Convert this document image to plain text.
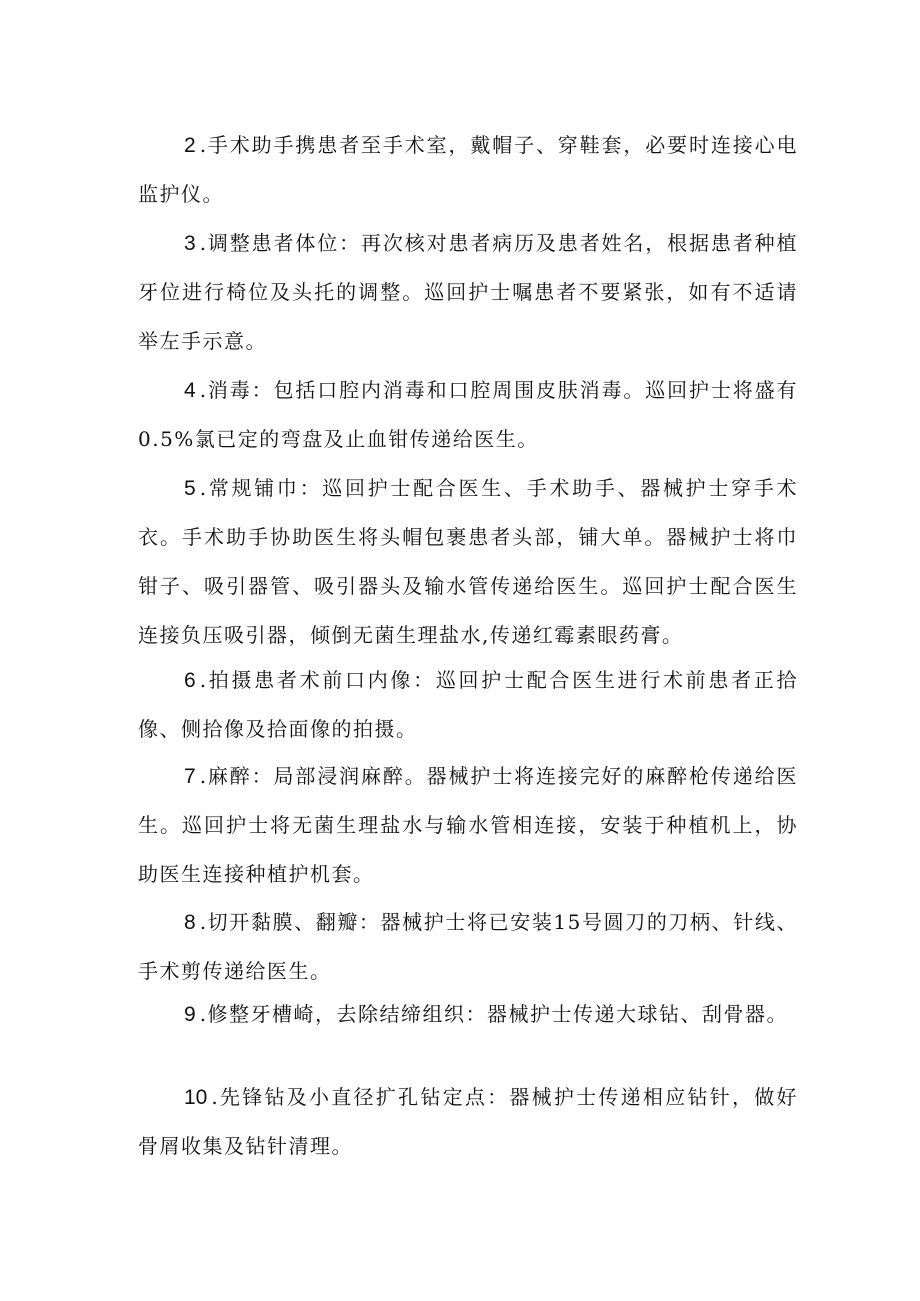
2 .手术助手携患者至手术室，戴帽子、穿鞋套，必要时连接心电监护仪。

3 .调整患者体位：再次核对患者病历及患者姓名，根据患者种植牙位进行椅位及头托的调整。巡回护士嘱患者不要紧张，如有不适请举左手示意。

4 .消毒：包括口腔内消毒和口腔周围皮肤消毒。巡回护士将盛有0.5%氯已定的弯盘及止血钳传递给医生。

5 .常规铺巾：巡回护士配合医生、手术助手、器械护士穿手术衣。手术助手协助医生将头帽包裹患者头部，铺大单。器械护士将巾钳子、吸引器管、吸引器头及输水管传递给医生。巡回护士配合医生连接负压吸引器，倾倒无菌生理盐水,传递红霉素眼药膏。

6 .拍摄患者术前口内像：巡回护士配合医生进行术前患者正拾像、侧拾像及拾面像的拍摄。

7 .麻醉：局部浸润麻醉。器械护士将连接完好的麻醉枪传递给医生。巡回护士将无菌生理盐水与输水管相连接，安装于种植机上，协助医生连接种植护机套。

8 .切开黏膜、翻瓣：器械护士将已安装15号圆刀的刀柄、针线、手术剪传递给医生。

9 .修整牙槽崎，去除结缔组织：器械护士传递大球钻、刮骨器。

10 .先锋钻及小直径扩孔钻定点：器械护士传递相应钻针，做好骨屑收集及钻针清理。
